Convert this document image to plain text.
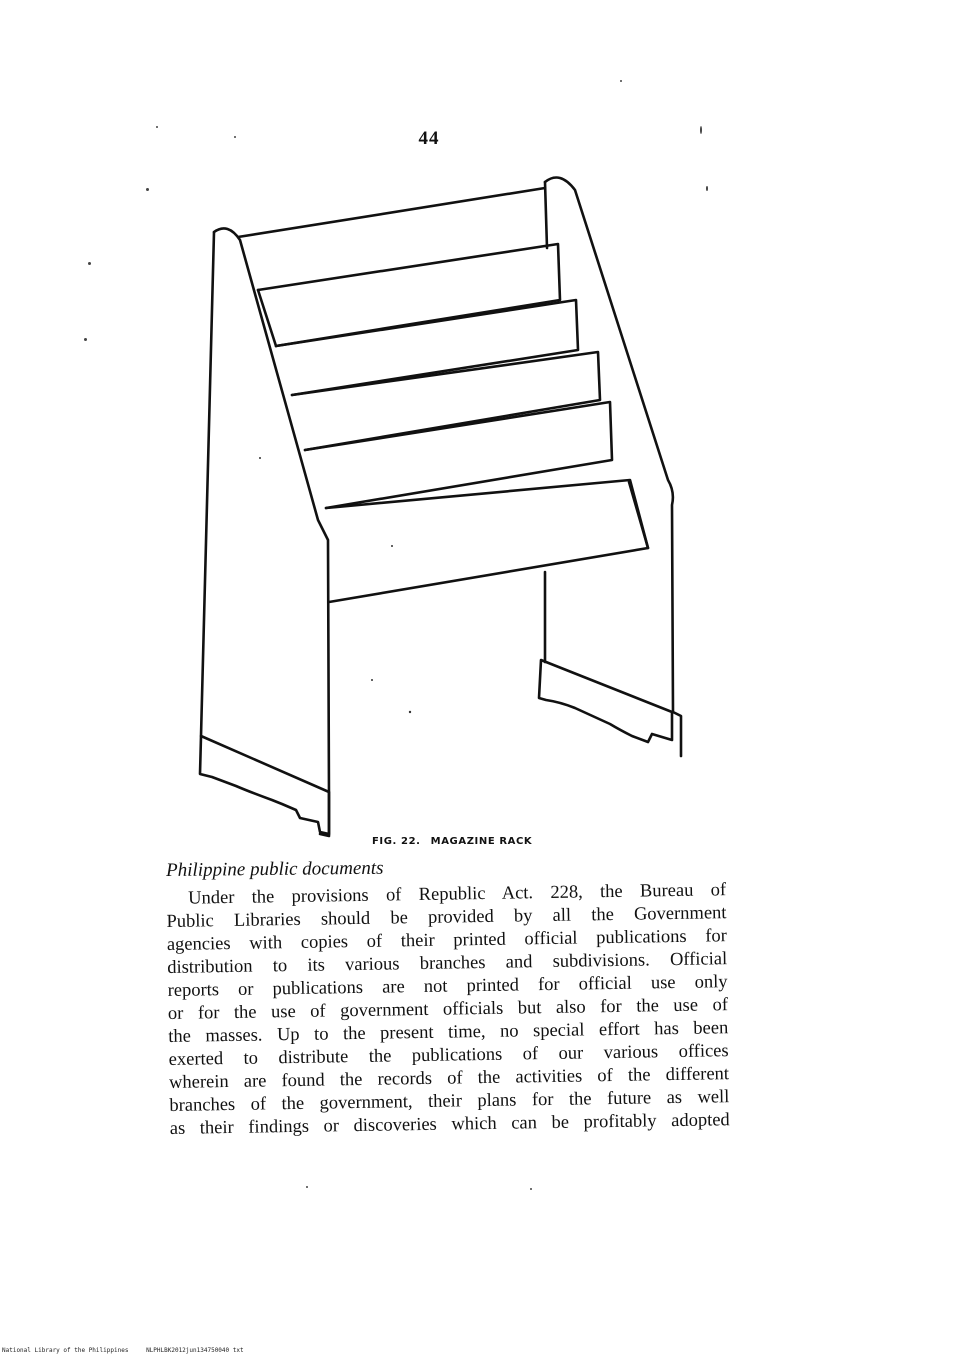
44
FIG. 22. MAGAZINE RACK
Philippine public documents
Under the provisions of Republic Act. 228, the Bureau of
Public Libraries should be provided by all the Government
agencies with copies of their printed official publications for
distribution to its various branches and subdivisions. Official
reports or publications are not printed for official use only
or for the use of government officials but also for the use of
the masses. Up to the present time, no special effort has been
exerted to distribute the publications of our various offices
wherein are found the records of the activities of the different
branches of the government, their plans for the future as well
as their findings or discoveries which can be profitably adopted
National Library of the Philippines	NLPHLBK2012jun134750040 txt
